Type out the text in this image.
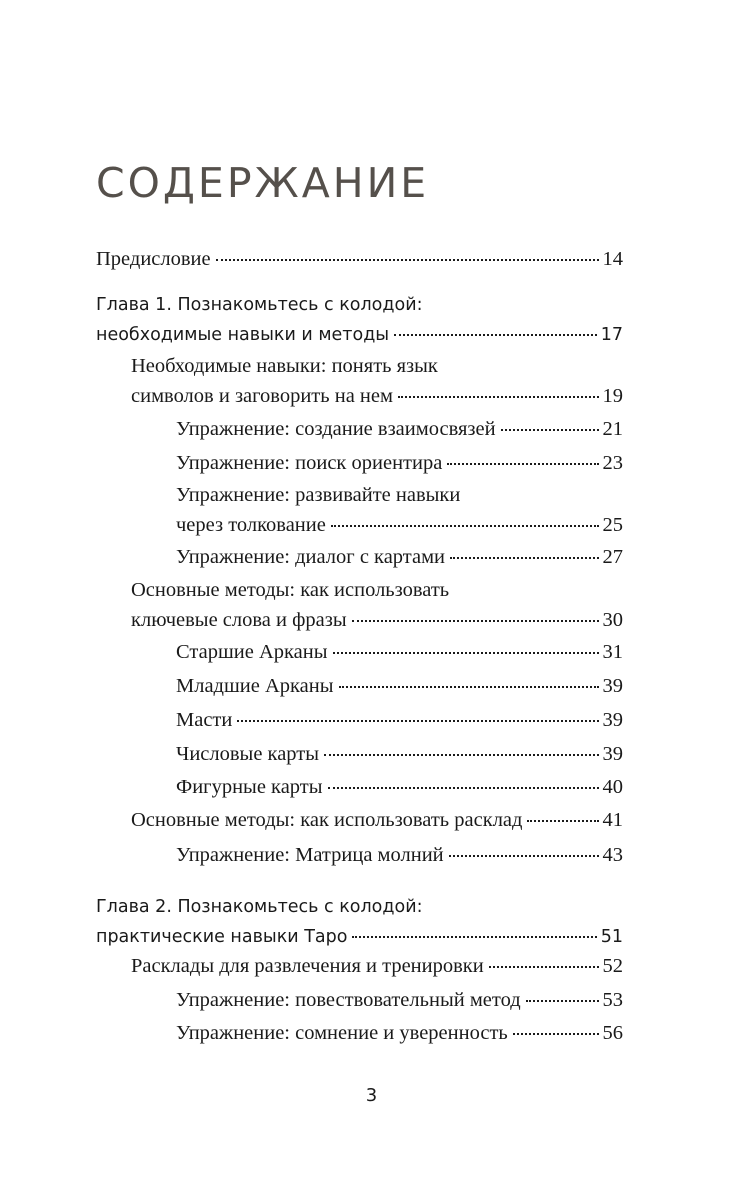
СОДЕРЖАНИЕ
Предисловие	14
Глава 1. Познакомьтесь с колодой:
необходимые навыки и методы	17
Необходимые навыки: понять язык
символов и заговорить на нем	19
Упражнение: создание взаимосвязей	21
Упражнение: поиск ориентира	23
Упражнение: развивайте навыки
через толкование	25
Упражнение: диалог с картами	27
Основные методы: как использовать
ключевые слова и фразы	30
Старшие Арканы	31
Младшие Арканы	39
Масти	39
Числовые карты	39
Фигурные карты	40
Основные методы: как использовать расклад	41
Упражнение: Матрица молний	43
Глава 2. Познакомьтесь с колодой:
практические навыки Таро	51
Расклады для развлечения и тренировки	52
Упражнение: повествовательный метод	53
Упражнение: сомнение и уверенность	56
3
